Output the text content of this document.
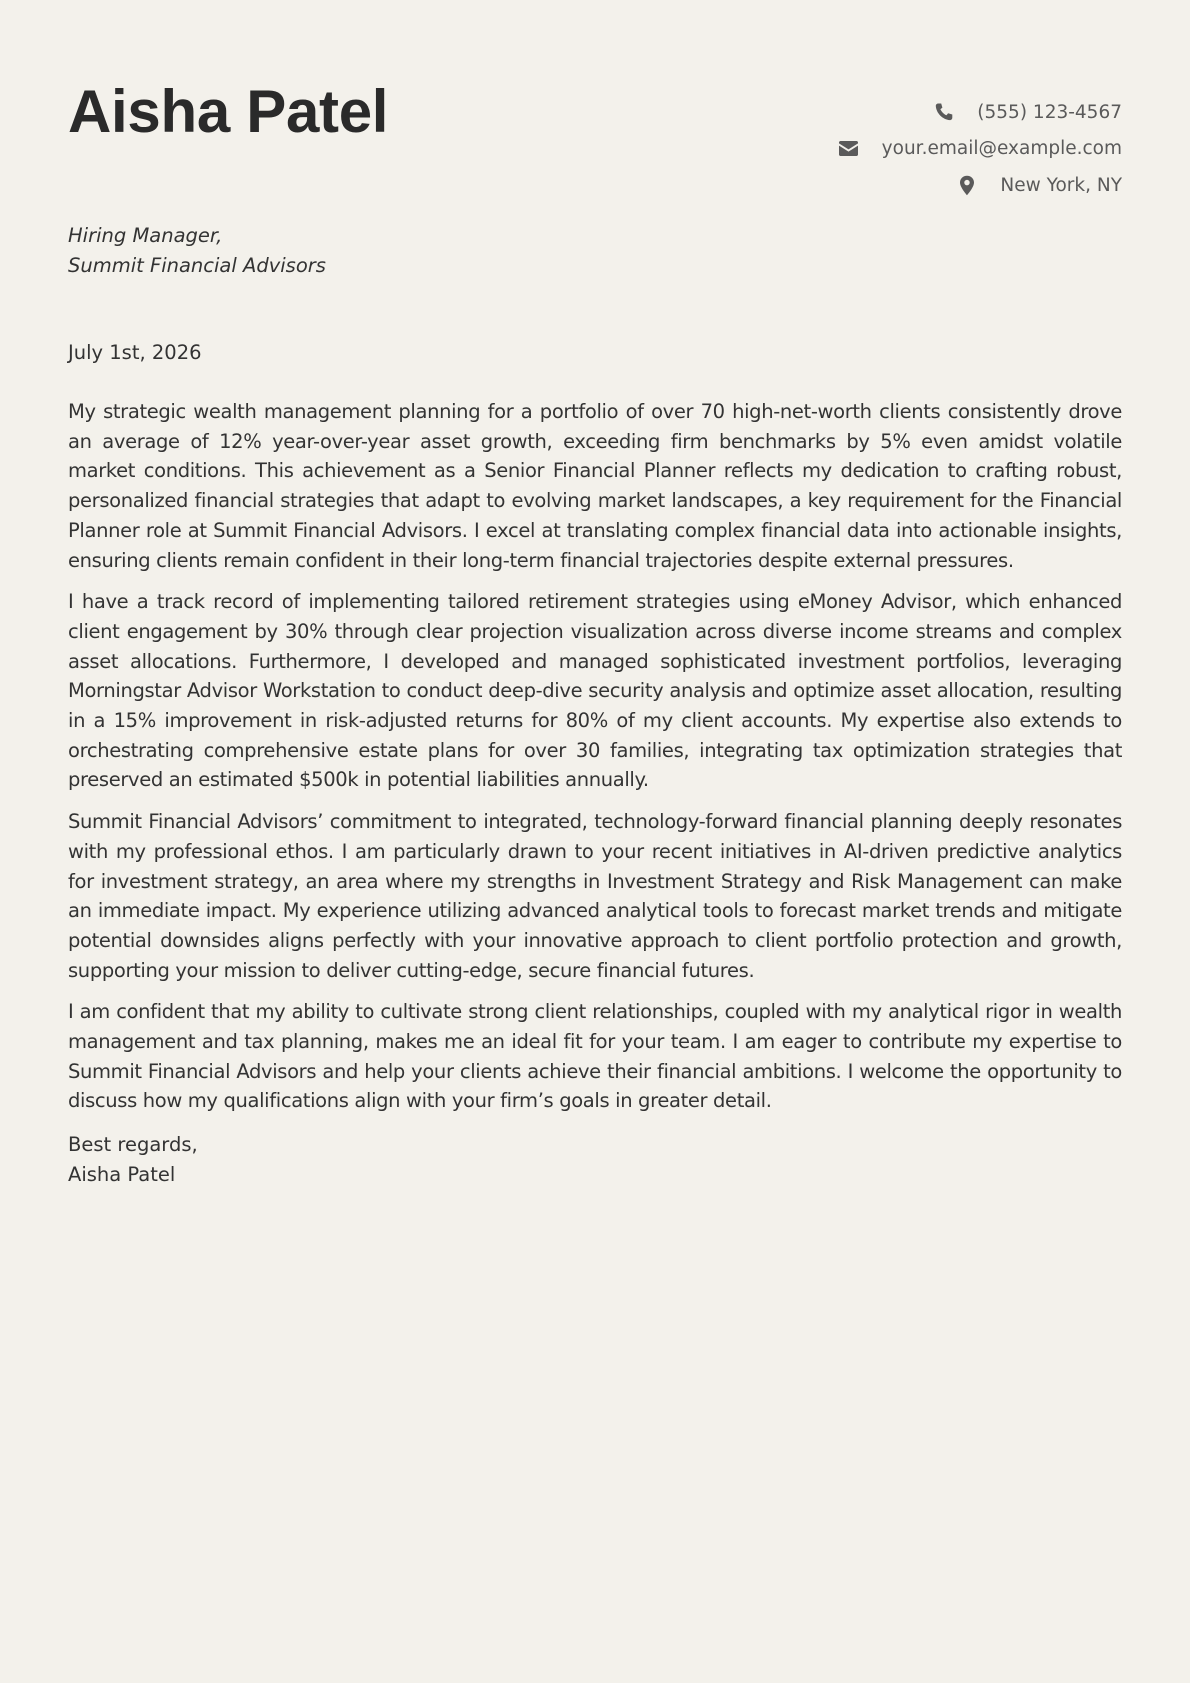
Aisha Patel	(555) 123-4567
your.email@example.com
New York, NY
Hiring Manager,
Summit Financial Advisors
July 1st, 2026

My strategic wealth management planning for a portfolio of over 70 high-net-worth clients consistently drove an average of 12% year-over-year asset growth, exceeding firm benchmarks by 5% even amidst volatile market conditions. This achievement as a Senior Financial Planner reflects my dedication to crafting robust, personalized financial strategies that adapt to evolving market landscapes, a key requirement for the Financial Planner role at Summit Financial Advisors. I excel at translating complex financial data into actionable insights, ensuring clients remain confident in their long-term financial trajectories despite external pressures.

I have a track record of implementing tailored retirement strategies using eMoney Advisor, which enhanced client engagement by 30% through clear projection visualization across diverse income streams and complex asset allocations. Furthermore, I developed and managed sophisticated investment portfolios, leveraging Morningstar Advisor Workstation to conduct deep-dive security analysis and optimize asset allocation, resulting in a 15% improvement in risk-adjusted returns for 80% of my client accounts. My expertise also extends to orchestrating comprehensive estate plans for over 30 families, integrating tax optimization strategies that preserved an estimated $500k in potential liabilities annually.

Summit Financial Advisors’ commitment to integrated, technology-forward financial planning deeply resonates with my professional ethos. I am particularly drawn to your recent initiatives in AI-driven predictive analytics for investment strategy, an area where my strengths in Investment Strategy and Risk Management can make an immediate impact. My experience utilizing advanced analytical tools to forecast market trends and mitigate potential downsides aligns perfectly with your innovative approach to client portfolio protection and growth, supporting your mission to deliver cutting-edge, secure financial futures.

I am confident that my ability to cultivate strong client relationships, coupled with my analytical rigor in wealth management and tax planning, makes me an ideal fit for your team. I am eager to contribute my expertise to Summit Financial Advisors and help your clients achieve their financial ambitions. I welcome the opportunity to discuss how my qualifications align with your firm’s goals in greater detail.

Best regards,
Aisha Patel
